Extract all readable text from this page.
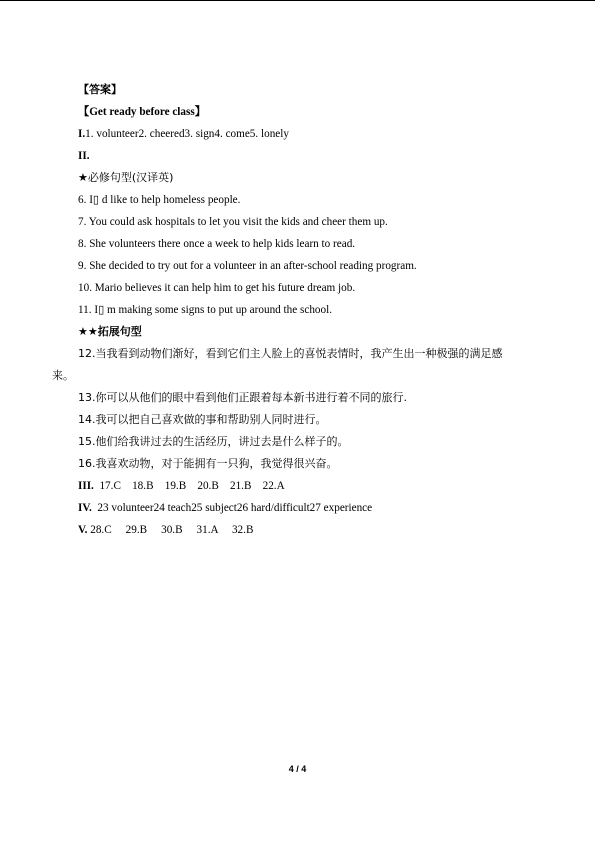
【答案】
【Get ready before class】
I.1. volunteer2. cheered3. sign4. come5. lonely
II.
★必修句型(汉译英)
6. I▯ d like to help homeless people.
7. You could ask hospitals to let you visit the kids and cheer them up.
8. She volunteers there once a week to help kids learn to read.
9. She decided to try out for a volunteer in an after-school reading program.
10. Mario believes it can help him to get his future dream job.
11. I▯ m making some signs to put up around the school.
★★拓展句型
12.当我看到动物们渐好，看到它们主人脸上的喜悦表情时，我产生出一种极强的满足感
来。
13.你可以从他们的眼中看到他们正跟着每本新书进行着不同的旅行.
14.我可以把自己喜欢做的事和帮助别人同时进行。
15.他们给我讲过去的生活经历，讲过去是什么样子的。
16.我喜欢动物，对于能拥有一只狗，我觉得很兴奋。
III. 17.C    18.B    19.B    20.B    21.B    22.A
IV. 23 volunteer24 teach25 subject26 hard/difficult27 experience
V. 28.C     29.B     30.B     31.A     32.B
4 / 4
